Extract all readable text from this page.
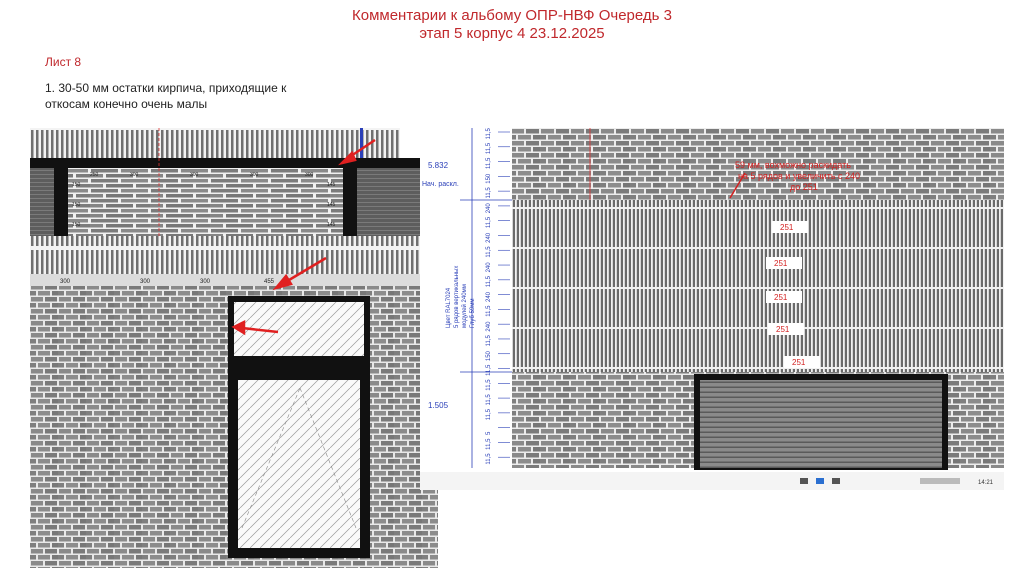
Комментарии к альбому ОПР-НВФ Очередь 3
этап 5 корпус 4 23.12.2025
Лист 8
1. 30-50 мм остатки кирпича, приходящие к
откосам конечно очень малы
250	300	300	300	300
150
150
150
145
145
145
300	300	300	455
5.832
Нач. раскл.
1.505
Цвет RAL7024 5 рядов вертикальных модулей 240мм Глуб 59мм
11,5
11,5
11,5
150
11,5
240
11,5
240
11,5
240
11,5
240
11,5
240
11,5
150
11,5
11,5
11,5
11,5
5
11,5
11,5
59 мм, вохможно раскидать
на 5 рядов и увеличить с 240
до 251
251
251
251
251
251
14:21
